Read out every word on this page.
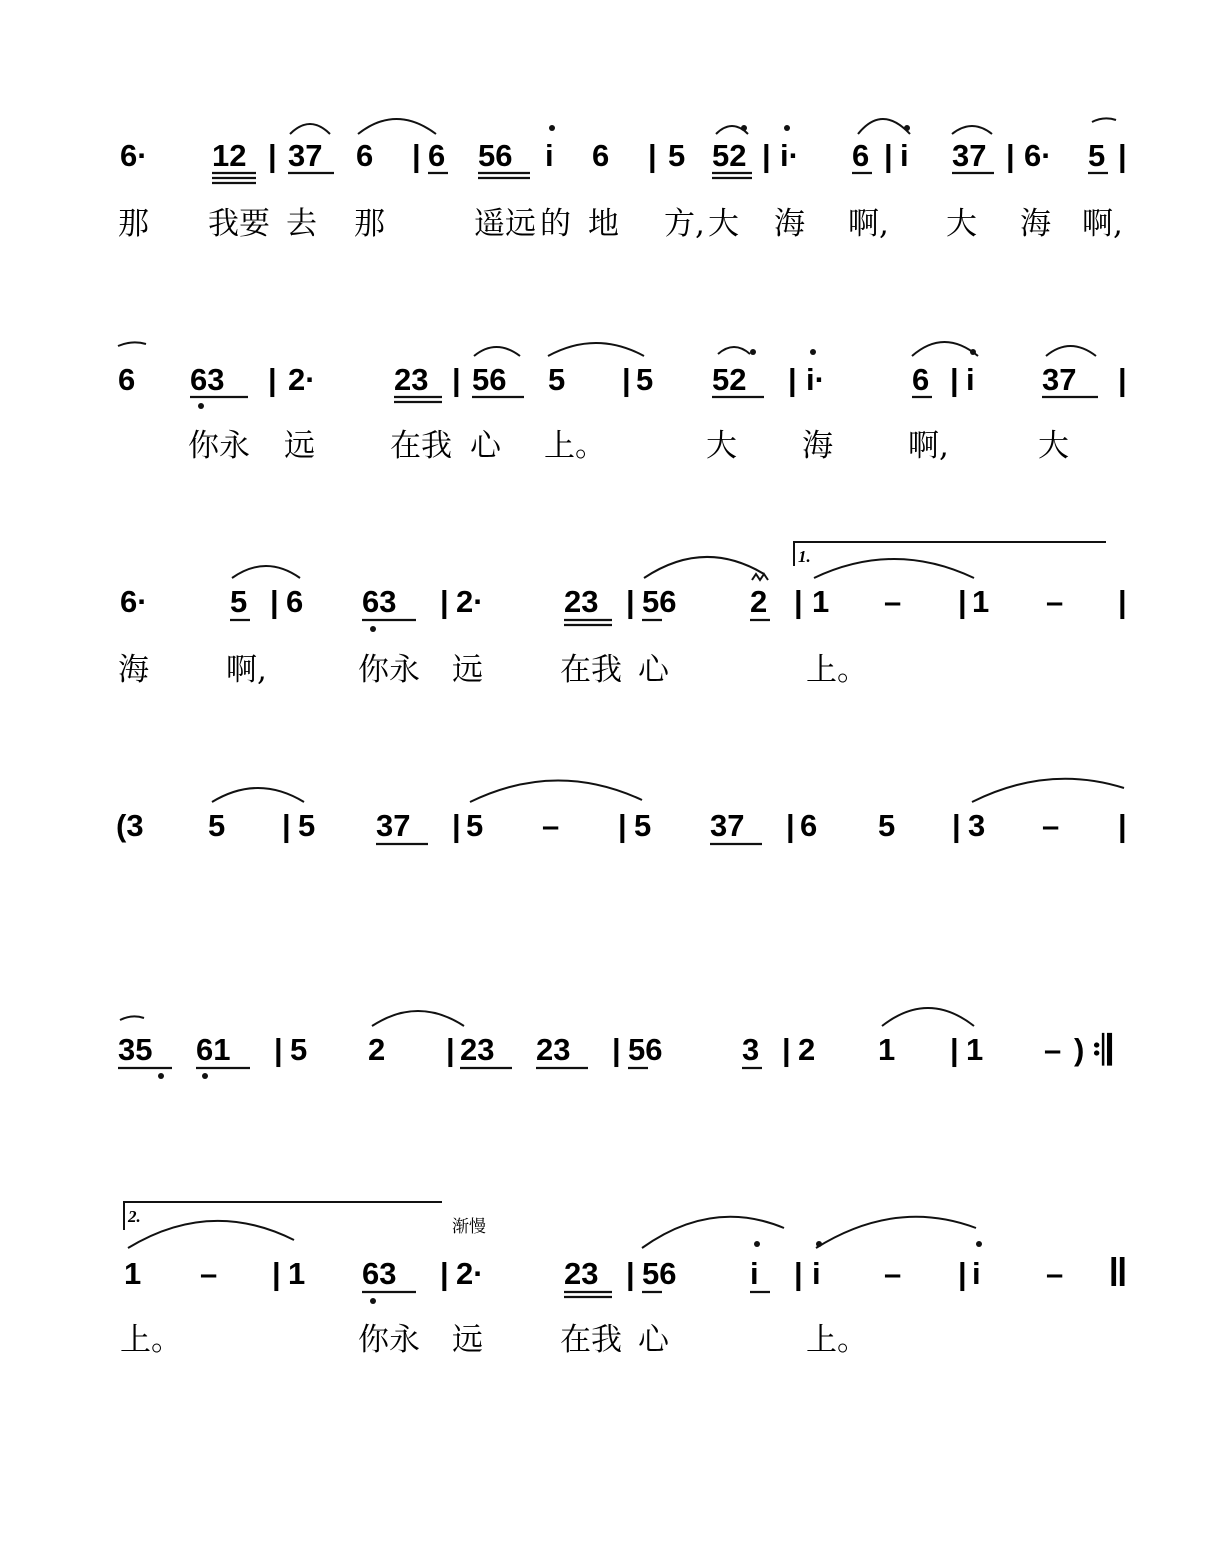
6· 12 | 37 6 | 6 56 i 6 | 5 52 | i· 6 | i 37 | 6· 5 |
那 我要 去 那	遥远 的 地 方, 大 海 啊, 大 海 啊,
6 63 | 2·	23 | 56 5 | 5 52 | i·	6 | i 37 |
你永 远 在我 心 上。	大 海 啊,	大
1.
6·	5 | 6 63 | 2·	23 | 56 2 | 1 – | 1 – |
海 啊,	你永 远 在我 心	上。
(3 5 | 5 37 | 5 – | 5 37 | 6 5 | 3 – |
35 61 | 5 2 | 23 23 | 56	3 | 2 1 | 1 – ) 𝄇
2.
渐慢
1 – | 1 63 | 2·	23 | 56 i | i – | i – ‖
上。	你永 远 在我 心	上。
